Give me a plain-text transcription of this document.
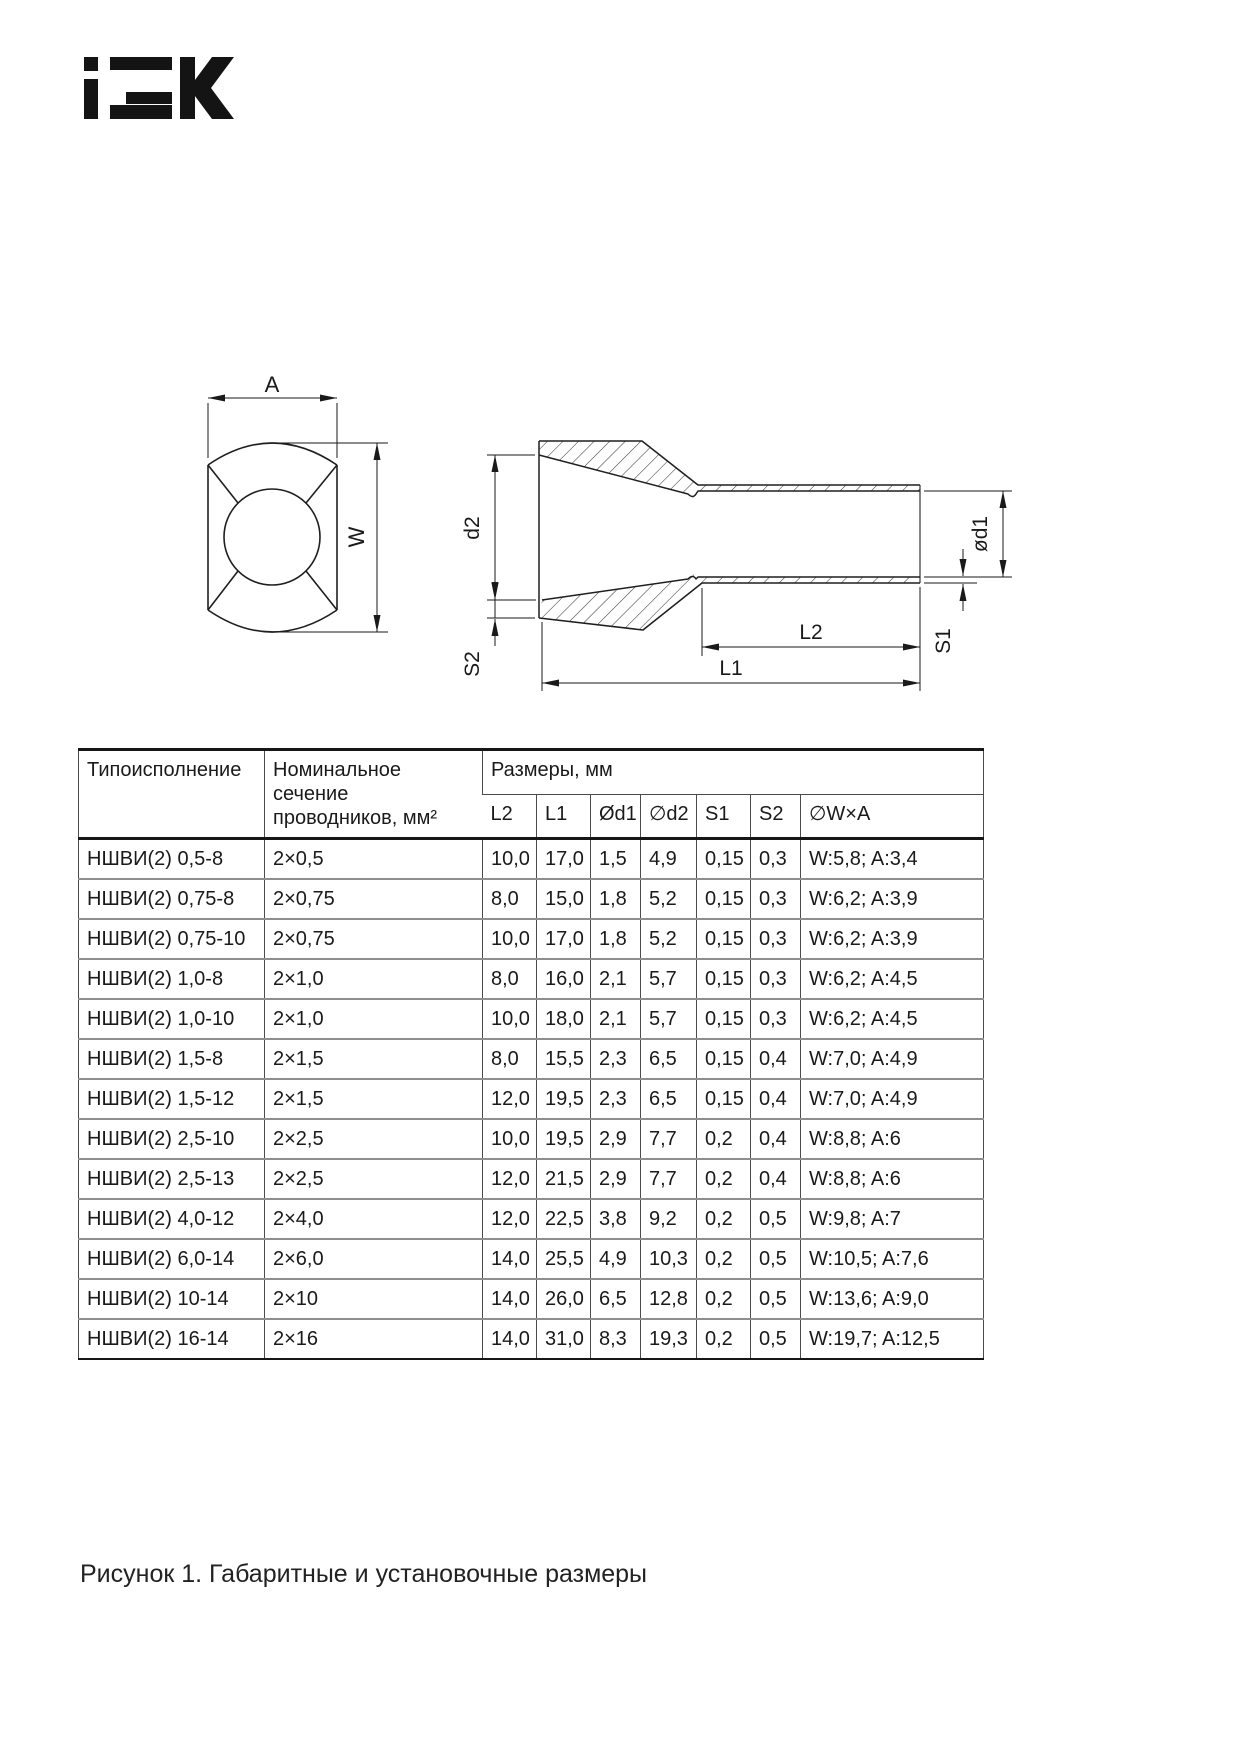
A
W	d2
S2
L2
L1
S1
ød1
Типоисполнение	Номинальное сечение проводников, мм²	Размеры, мм						
		L2	L1	Ød1	∅d2	S1	S2	∅W×A
НШВИ(2) 0,5-8	2×0,5	10,0	17,0	1,5	4,9	0,15	0,3	W:5,8; A:3,4
НШВИ(2) 0,75-8	2×0,75	8,0	15,0	1,8	5,2	0,15	0,3	W:6,2; A:3,9
НШВИ(2) 0,75-10	2×0,75	10,0	17,0	1,8	5,2	0,15	0,3	W:6,2; A:3,9
НШВИ(2) 1,0-8	2×1,0	8,0	16,0	2,1	5,7	0,15	0,3	W:6,2; A:4,5
НШВИ(2) 1,0-10	2×1,0	10,0	18,0	2,1	5,7	0,15	0,3	W:6,2; A:4,5
НШВИ(2) 1,5-8	2×1,5	8,0	15,5	2,3	6,5	0,15	0,4	W:7,0; A:4,9
НШВИ(2) 1,5-12	2×1,5	12,0	19,5	2,3	6,5	0,15	0,4	W:7,0; A:4,9
НШВИ(2) 2,5-10	2×2,5	10,0	19,5	2,9	7,7	0,2	0,4	W:8,8; A:6
НШВИ(2) 2,5-13	2×2,5	12,0	21,5	2,9	7,7	0,2	0,4	W:8,8; A:6
НШВИ(2) 4,0-12	2×4,0	12,0	22,5	3,8	9,2	0,2	0,5	W:9,8; A:7
НШВИ(2) 6,0-14	2×6,0	14,0	25,5	4,9	10,3	0,2	0,5	W:10,5; A:7,6
НШВИ(2) 10-14	2×10	14,0	26,0	6,5	12,8	0,2	0,5	W:13,6; A:9,0
НШВИ(2) 16-14	2×16	14,0	31,0	8,3	19,3	0,2	0,5	W:19,7; A:12,5
Рисунок 1. Габаритные и установочные размеры
